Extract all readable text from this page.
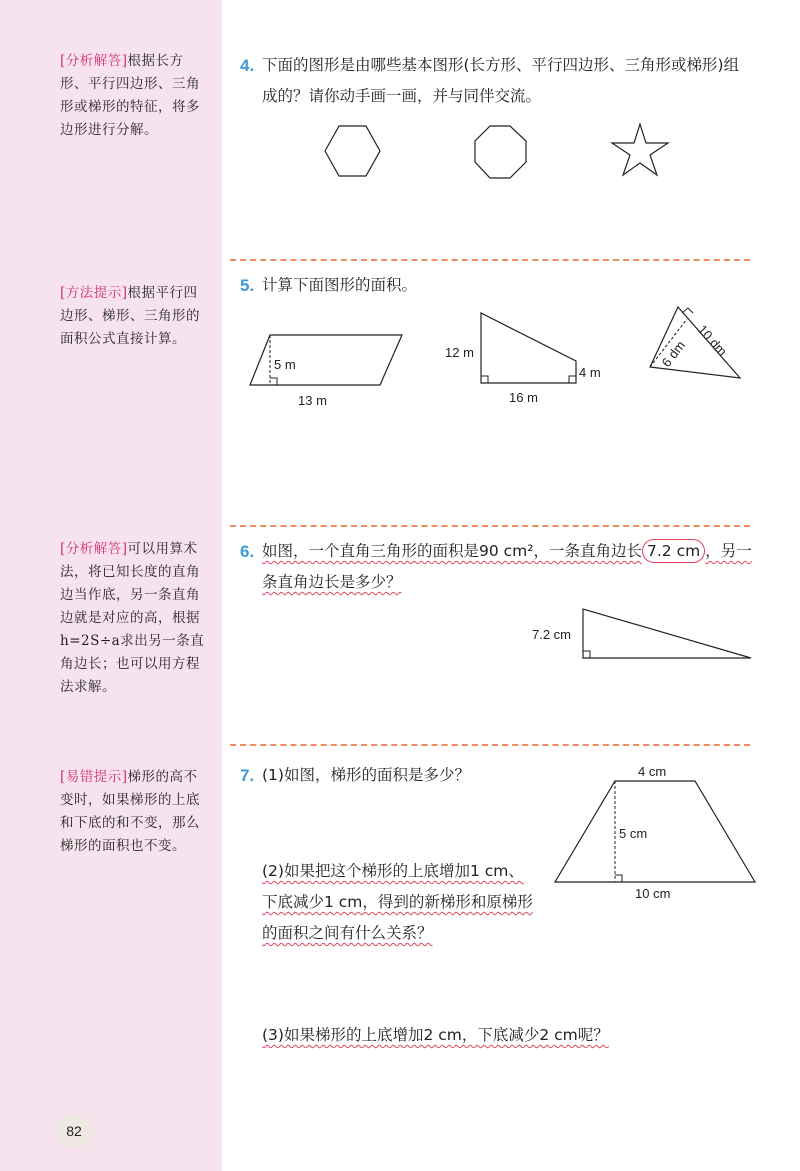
[分析解答]根据长方形、平行四边形、三角形或梯形的特征，将多边形进行分解。
[方法提示]根据平行四边形、梯形、三角形的面积公式直接计算。
[分析解答]可以用算术法，将已知长度的直角边当作底，另一条直角边就是对应的高，根据h=2S÷a求出另一条直角边长；也可以用方程法求解。
[易错提示]梯形的高不变时，如果梯形的上底和下底的和不变，那么梯形的面积也不变。
4. 下面的图形是由哪些基本图形(长方形、平行四边形、三角形或梯形)组成的？请你动手画一画，并与同伴交流。
5. 计算下面图形的面积。
5 m
13 m
12 m
4 m
16 m
10 dm
6 dm
6. 如图，一个直角三角形的面积是90 cm²，一条直角边长 7.2 cm ，另一条直角边长是多少？
7.2 cm
7. (1)如图，梯形的面积是多少？
(2)如果把这个梯形的上底增加1 cm、下底减少1 cm，得到的新梯形和原梯形的面积之间有什么关系？
(3)如果梯形的上底增加2 cm，下底减少2 cm呢？
4 cm
5 cm
10 cm
82
